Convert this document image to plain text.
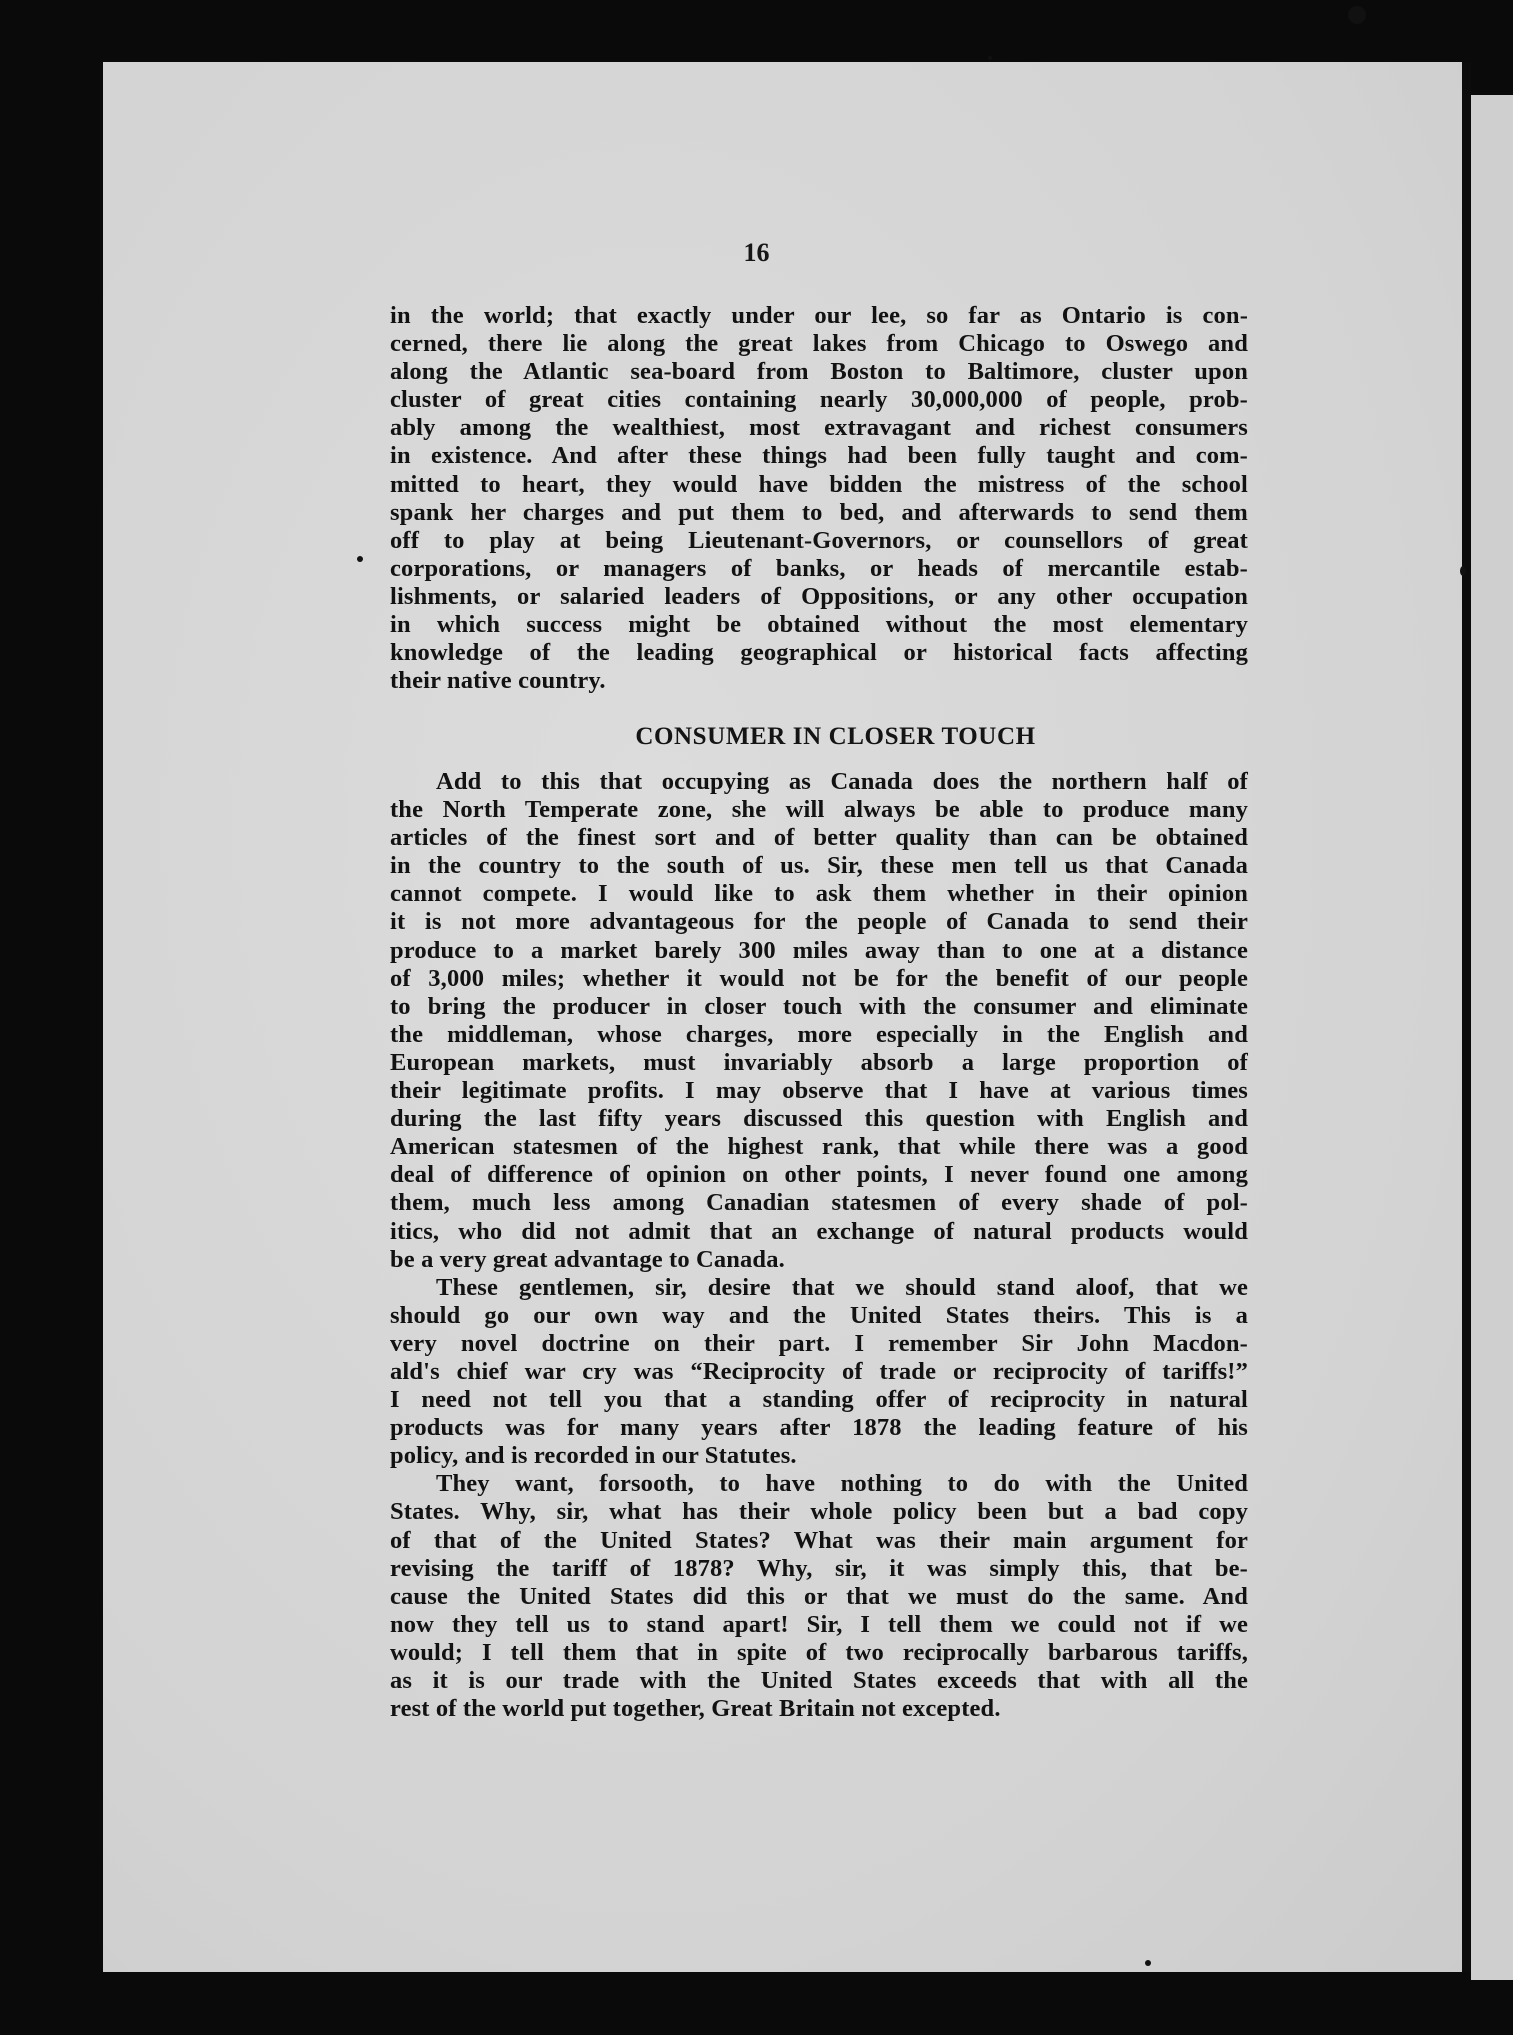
16
in the world; that exactly under our lee, so far as Ontario is con-
cerned, there lie along the great lakes from Chicago to Oswego and
along the Atlantic sea-board from Boston to Baltimore, cluster upon
cluster of great cities containing nearly 30,000,000 of people, prob-
ably among the wealthiest, most extravagant and richest consumers
in existence. And after these things had been fully taught and com-
mitted to heart, they would have bidden the mistress of the school
spank her charges and put them to bed, and afterwards to send them
off to play at being Lieutenant-Governors, or counsellors of great
corporations, or managers of banks, or heads of mercantile estab-
lishments, or salaried leaders of Oppositions, or any other occupation
in which success might be obtained without the most elementary
knowledge of the leading geographical or historical facts affecting
their native country.
CONSUMER IN CLOSER TOUCH
Add to this that occupying as Canada does the northern half of
the North Temperate zone, she will always be able to produce many
articles of the finest sort and of better quality than can be obtained
in the country to the south of us. Sir, these men tell us that Canada
cannot compete. I would like to ask them whether in their opinion
it is not more advantageous for the people of Canada to send their
produce to a market barely 300 miles away than to one at a distance
of 3,000 miles; whether it would not be for the benefit of our people
to bring the producer in closer touch with the consumer and eliminate
the middleman, whose charges, more especially in the English and
European markets, must invariably absorb a large proportion of
their legitimate profits. I may observe that I have at various times
during the last fifty years discussed this question with English and
American statesmen of the highest rank, that while there was a good
deal of difference of opinion on other points, I never found one among
them, much less among Canadian statesmen of every shade of pol-
itics, who did not admit that an exchange of natural products would
be a very great advantage to Canada.
These gentlemen, sir, desire that we should stand aloof, that we
should go our own way and the United States theirs. This is a
very novel doctrine on their part. I remember Sir John Macdon-
ald's chief war cry was “Reciprocity of trade or reciprocity of tariffs!”
I need not tell you that a standing offer of reciprocity in natural
products was for many years after 1878 the leading feature of his
policy, and is recorded in our Statutes.
They want, forsooth, to have nothing to do with the United
States. Why, sir, what has their whole policy been but a bad copy
of that of the United States? What was their main argument for
revising the tariff of 1878? Why, sir, it was simply this, that be-
cause the United States did this or that we must do the same. And
now they tell us to stand apart! Sir, I tell them we could not if we
would; I tell them that in spite of two reciprocally barbarous tariffs,
as it is our trade with the United States exceeds that with all the
rest of the world put together, Great Britain not excepted.
